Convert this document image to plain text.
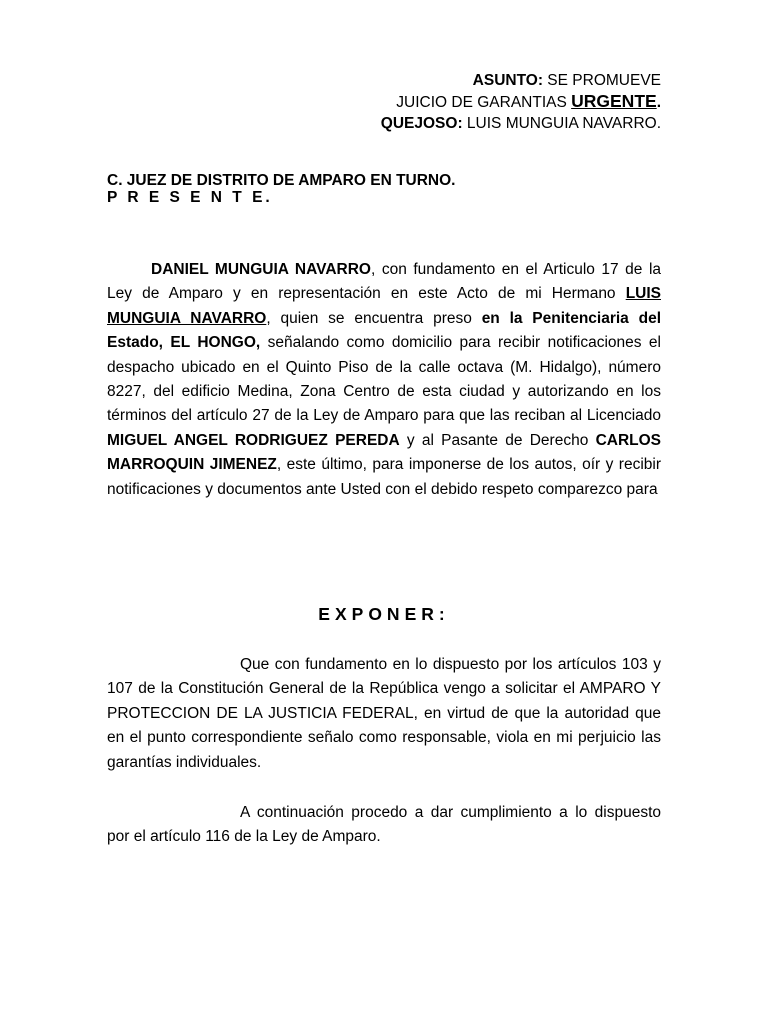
ASUNTO: SE PROMUEVE
JUICIO DE GARANTIAS URGENTE.
QUEJOSO: LUIS MUNGUIA NAVARRO.
C. JUEZ DE DISTRITO DE AMPARO EN TURNO.
P R E S E N T E.
DANIEL MUNGUIA NAVARRO, con fundamento en el Articulo 17 de la Ley de Amparo y en representación en este Acto de mi Hermano LUIS MUNGUIA NAVARRO, quien se encuentra preso en la Penitenciaria del Estado, EL HONGO, señalando como domicilio para recibir notificaciones el despacho ubicado en el Quinto Piso de la calle octava (M. Hidalgo), número 8227, del edificio Medina, Zona Centro de esta ciudad y autorizando en los términos del artículo 27 de la Ley de Amparo para que las reciban al Licenciado MIGUEL ANGEL RODRIGUEZ PEREDA y al Pasante de Derecho CARLOS MARROQUIN JIMENEZ, este último, para imponerse de los autos, oír y recibir notificaciones y documentos ante Usted con el debido respeto comparezco para
EXPONER:
Que con fundamento en lo dispuesto por los artículos 103 y 107 de la Constitución General de la República vengo a solicitar el AMPARO Y PROTECCION DE LA JUSTICIA FEDERAL, en virtud de que la autoridad que en el punto correspondiente señalo como responsable, viola en mi perjuicio las garantías individuales.
A continuación procedo a dar cumplimiento a lo dispuesto por el artículo 116 de la Ley de Amparo.
